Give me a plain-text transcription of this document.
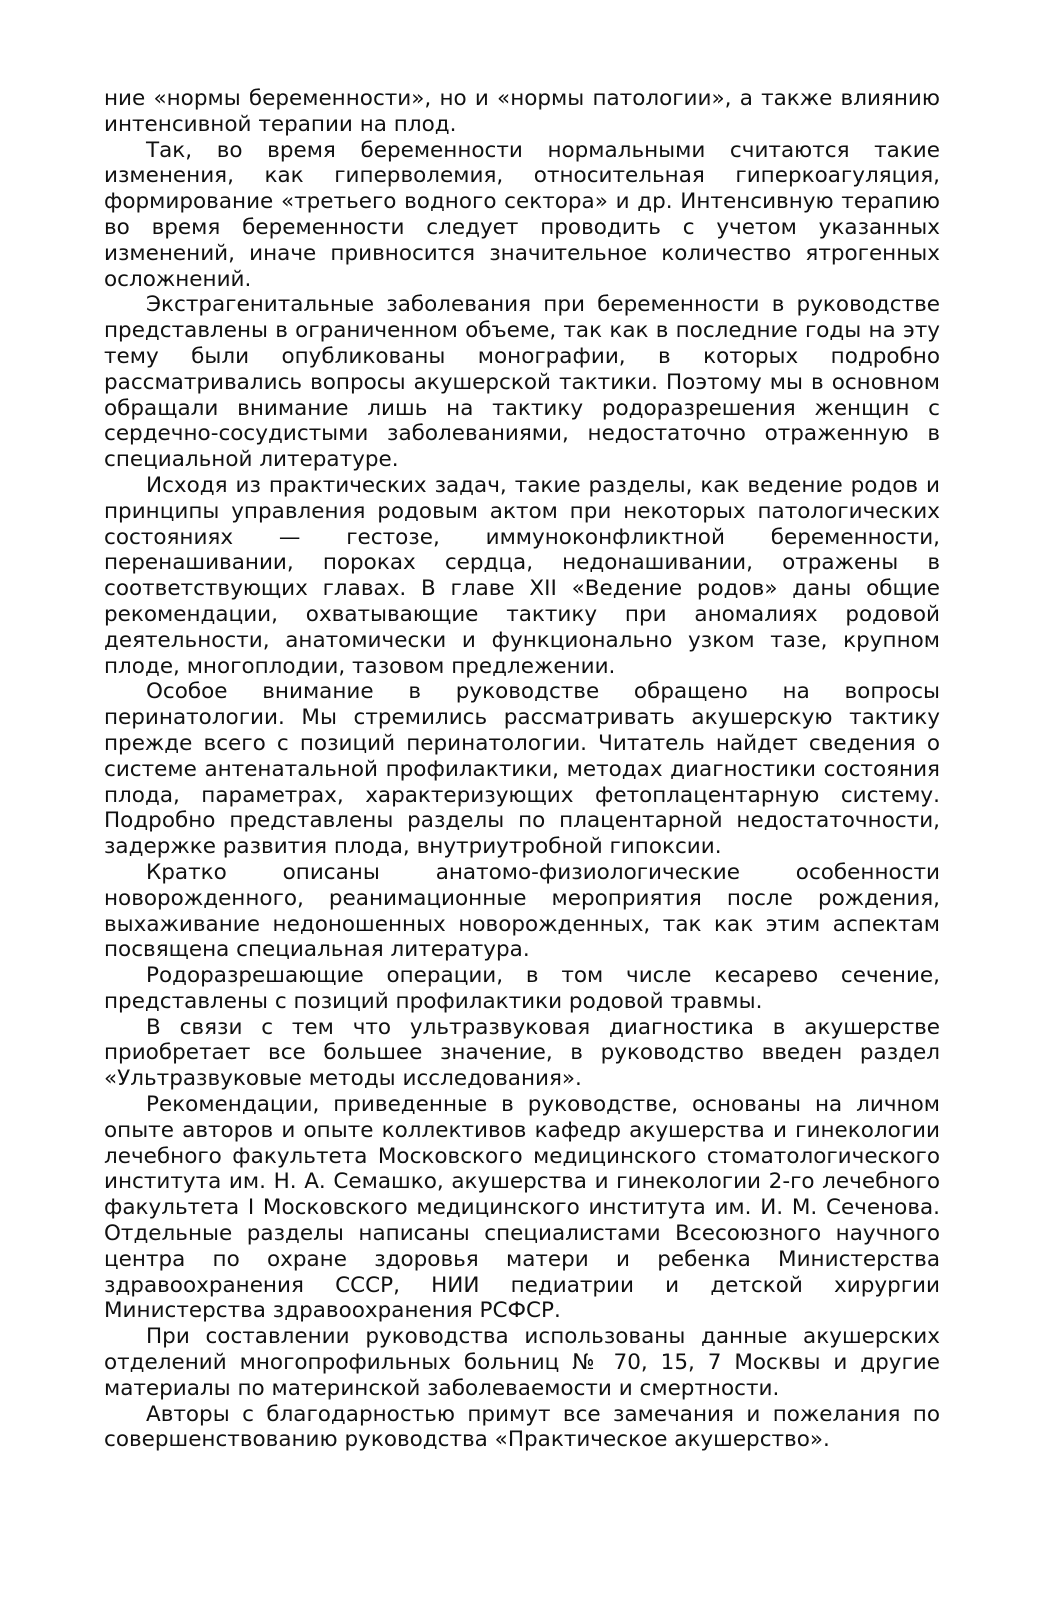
ние «нормы беременности», но и «нормы патологии», а также влиянию интенсивной терапии на плод.

Так, во время беременности нормальными считаются такие изменения, как гиперволемия, относительная гиперкоагуляция, формирование «третьего водного сектора» и др. Интенсивную терапию во время беременности следует проводить с учетом указанных изменений, иначе привносится значительное количество ятрогенных осложнений.

Экстрагенитальные заболевания при беременности в руководстве представлены в ограниченном объеме, так как в последние годы на эту тему были опубликованы монографии, в которых подробно рассматривались вопросы акушерской тактики. Поэтому мы в основном обращали внимание лишь на тактику родоразрешения женщин с сердечно-сосудистыми заболеваниями, недостаточно отраженную в специальной литературе.

Исходя из практических задач, такие разделы, как ведение родов и принципы управления родовым актом при некоторых патологических состояниях — гестозе, иммуноконфликтной беременности, перенашивании, пороках сердца, недонашивании, отражены в соответствующих главах. В главе XII «Ведение родов» даны общие рекомендации, охватывающие тактику при аномалиях родовой деятельности, анатомически и функционально узком тазе, крупном плоде, многоплодии, тазовом предлежении.

Особое внимание в руководстве обращено на вопросы перинатологии. Мы стремились рассматривать акушерскую тактику прежде всего с позиций перинатологии. Читатель найдет сведения о системе антенатальной профилактики, методах диагностики состояния плода, параметрах, характеризующих фетоплацентарную систему. Подробно представлены разделы по плацентарной недостаточности, задержке развития плода, внутриутробной гипоксии.

Кратко описаны анатомо-физиологические особенности новорожденного, реанимационные мероприятия после рождения, выхаживание недоношенных новорожденных, так как этим аспектам посвящена специальная литература.

Родоразрешающие операции, в том числе кесарево сечение, представлены с позиций профилактики родовой травмы.

В связи с тем что ультразвуковая диагностика в акушерстве приобретает все большее значение, в руководство введен раздел «Ультразвуковые методы исследования».

Рекомендации, приведенные в руководстве, основаны на личном опыте авторов и опыте коллективов кафедр акушерства и гинекологии лечебного факультета Московского медицинского стоматологического института им. Н. А. Семашко, акушерства и гинекологии 2-го лечебного факультета I Московского медицинского института им. И. М. Сеченова. Отдельные разделы написаны специалистами Всесоюзного научного центра по охране здоровья матери и ребенка Министерства здравоохранения СССР, НИИ педиатрии и детской хирургии Министерства здравоохранения РСФСР.

При составлении руководства использованы данные акушерских отделений многопрофильных больниц № 70, 15, 7 Москвы и другие материалы по материнской заболеваемости и смертности.

Авторы с благодарностью примут все замечания и пожелания по совершенствованию руководства «Практическое акушерство».
